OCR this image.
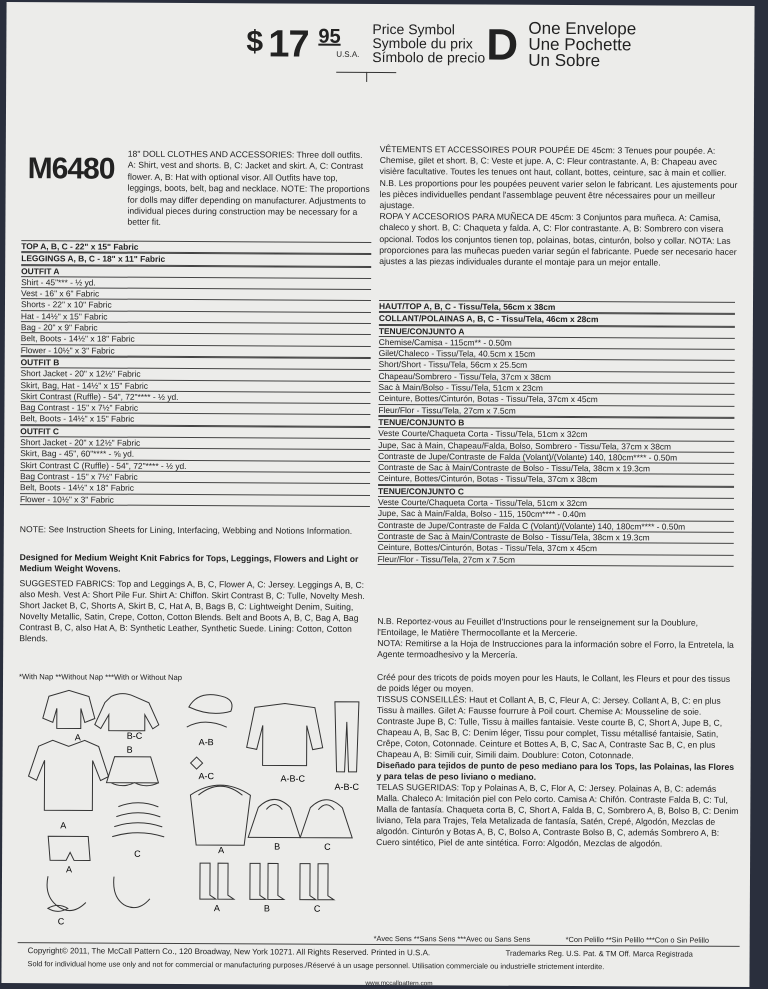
$ 17 95
U.S.A.
Price Symbol
Symbole du prix
Símbolo de precio D One Envelope
Une Pochette
Un Sobre
M6480 18" DOLL CLOTHES AND ACCESSORIES: Three doll outfits. A: Shirt, vest and shorts. B, C: Jacket and skirt. A, C: Contrast flower. A, B: Hat with optional visor. All Outfits have top, leggings, boots, belt, bag and necklace. NOTE: The proportions for dolls may differ depending on manufacturer. Adjustments to individual pieces during construction may be necessary for a better fit.
VÊTEMENTS ET ACCESSOIRES POUR POUPÉE DE 45cm: 3 Tenues pour poupée. A: Chemise, gilet et short. B, C: Veste et jupe. A, C: Fleur contrastante. A, B: Chapeau avec visière facultative. Toutes les tenues ont haut, collant, bottes, ceinture, sac à main et collier. N.B. Les proportions pour les poupées peuvent varier selon le fabricant. Les ajustements pour les pièces individuelles pendant l'assemblage peuvent être nécessaires pour un meilleur ajustage.
ROPA Y ACCESORIOS PARA MUÑECA DE 45cm: 3 Conjuntos para muñeca. A: Camisa, chaleco y short. B, C: Chaqueta y falda. A, C: Flor contrastante. A, B: Sombrero con visera opcional. Todos los conjuntos tienen top, polainas, botas, cinturón, bolso y collar. NOTA: Las proporciones para las muñecas pueden variar según el fabricante. Puede ser necesario hacer ajustes a las piezas individuales durante el montaje para un mejor entalle.
TOP A, B, C - 22" x 15" Fabric
LEGGINGS A, B, C - 18" x 11" Fabric
OUTFIT A
Shirt - 45"*** - ½ yd.
Vest - 16" x 6" Fabric
Shorts - 22" x 10" Fabric
Hat - 14½" x 15" Fabric
Bag - 20" x 9" Fabric
Belt, Boots - 14½" x 18" Fabric
Flower - 10½" x 3" Fabric
OUTFIT B
Short Jacket - 20" x 12½" Fabric
Skirt, Bag, Hat - 14½" x 15" Fabric
Skirt Contrast (Ruffle) - 54", 72"**** - ½ yd.
Bag Contrast - 15" x 7½" Fabric
Belt, Boots - 14½" x 15" Fabric
OUTFIT C
Short Jacket - 20" x 12½" Fabric
Skirt, Bag - 45", 60"**** - ⅝ yd.
Skirt Contrast C (Ruffle) - 54", 72"**** - ½ yd.
Bag Contrast - 15" x 7½" Fabric
Belt, Boots - 14½" x 18" Fabric
Flower - 10½" x 3" Fabric
HAUT/TOP A, B, C - Tissu/Tela, 56cm x 38cm
COLLANT/POLAINAS A, B, C - Tissu/Tela, 46cm x 28cm
TENUE/CONJUNTO A
Chemise/Camisa - 115cm** - 0.50m
Gilet/Chaleco - Tissu/Tela, 40.5cm x 15cm
Short/Short - Tissu/Tela, 56cm x 25.5cm
Chapeau/Sombrero - Tissu/Tela, 37cm x 38cm
Sac à Main/Bolso - Tissu/Tela, 51cm x 23cm
Ceinture, Bottes/Cinturón, Botas - Tissu/Tela, 37cm x 45cm
Fleur/Flor - Tissu/Tela, 27cm x 7.5cm
TENUE/CONJUNTO B
Veste Courte/Chaqueta Corta - Tissu/Tela, 51cm x 32cm
Jupe, Sac à Main, Chapeau/Falda, Bolso, Sombrero - Tissu/Tela, 37cm x 38cm
Contraste de Jupe/Contraste de Falda (Volant)/(Volante) 140, 180cm**** - 0.50m
Contraste de Sac à Main/Contraste de Bolso - Tissu/Tela, 38cm x 19.3cm
Ceinture, Bottes/Cinturón, Botas - Tissu/Tela, 37cm x 38cm
TENUE/CONJUNTO C
Veste Courte/Chaqueta Corta - Tissu/Tela, 51cm x 32cm
Jupe, Sac à Main/Falda, Bolso - 115, 150cm**** - 0.40m
Contraste de Jupe/Contraste de Falda C (Volant)/(Volante) 140, 180cm**** - 0.50m
Contraste de Sac à Main/Contraste de Bolso - Tissu/Tela, 38cm x 19.3cm
Ceinture, Bottes/Cinturón, Botas - Tissu/Tela, 37cm x 45cm
Fleur/Flor - Tissu/Tela, 27cm x 7.5cm
NOTE: See Instruction Sheets for Lining, Interfacing, Webbing and Notions Information.
Designed for Medium Weight Knit Fabrics for Tops, Leggings, Flowers and Light or Medium Weight Wovens.
SUGGESTED FABRICS: Top and Leggings A, B, C, Flower A, C: Jersey. Leggings A, B, C: also Mesh. Vest A: Short Pile Fur. Shirt A: Chiffon. Skirt Contrast B, C: Tulle, Novelty Mesh. Short Jacket B, C, Shorts A, Skirt B, C, Hat A, B, Bags B, C: Lightweight Denim, Suiting, Novelty Metallic, Satin, Crepe, Cotton, Cotton Blends. Belt and Boots A, B, C, Bag A, Bag Contrast B, C, also Hat A, B: Synthetic Leather, Synthetic Suede. Lining: Cotton, Cotton Blends.
*With Nap **Without Nap ***With or Without Nap
N.B. Reportez-vous au Feuillet d'Instructions pour le renseignement sur la Doublure, l'Entoilage, le Matière Thermocollante et la Mercerie.
NOTA: Remitirse a la Hoja de Instrucciones para la información sobre el Forro, la Entretela, la Agente termoadhesivo y la Mercería.
Créé pour des tricots de poids moyen pour les Hauts, le Collant, les Fleurs et pour des tissus de poids léger ou moyen.
TISSUS CONSEILLÉS: Haut et Collant A, B, C, Fleur A, C: Jersey. Collant A, B, C: en plus Tissu à mailles. Gilet A: Fausse fourrure à Poil court. Chemise A: Mousseline de soie. Contraste Jupe B, C: Tulle, Tissu à mailles fantaisie. Veste courte B, C, Short A, Jupe B, C, Chapeau A, B, Sac B, C: Denim léger, Tissu pour complet, Tissu métallisé fantaisie, Satin, Crêpe, Coton, Cotonnade. Ceinture et Bottes A, B, C, Sac A, Contraste Sac B, C, en plus Chapeau A, B: Simili cuir, Simili daim. Doublure: Coton, Cotonnade.
Diseñado para tejidos de punto de peso mediano para los Tops, las Polainas, las Flores y para telas de peso liviano o mediano.
TELAS SUGERIDAS: Top y Polainas A, B, C, Flor A, C: Jersey. Polainas A, B, C: además Malla. Chaleco A: Imitación piel con Pelo corto. Camisa A: Chifón. Contraste Falda B, C: Tul, Malla de fantasía. Chaqueta corta B, C, Short A, Falda B, C, Sombrero A, B, Bolso B, C: Denim liviano, Tela para Trajes, Tela Metalizada de fantasía, Satén, Crepé, Algodón, Mezclas de algodón. Cinturón y Botas A, B, C, Bolso A, Contraste Bolso B, C, además Sombrero A, B: Cuero sintético, Piel de ante sintética. Forro: Algodón, Mezclas de algodón.
A	B-C
A-B
A-C	A-B-C
A-B-C
A
B
C
A
A	B	C
A	B	C
C
*Avec Sens **Sans Sens ***Avec ou Sans Sens	*Con Pelillo **Sin Pelillo ***Con o Sin Pelillo
Copyright© 2011, The McCall Pattern Co., 120 Broadway, New York 10271. All Rights Reserved. Printed in U.S.A.	Trademarks Reg. U.S. Pat. & TM Off. Marca Registrada
Sold for individual home use only and not for commercial or manufacturing purposes./Réservé à un usage personnel. Utilisation commerciale ou industrielle strictement interdite.
www.mccallpattern.com
